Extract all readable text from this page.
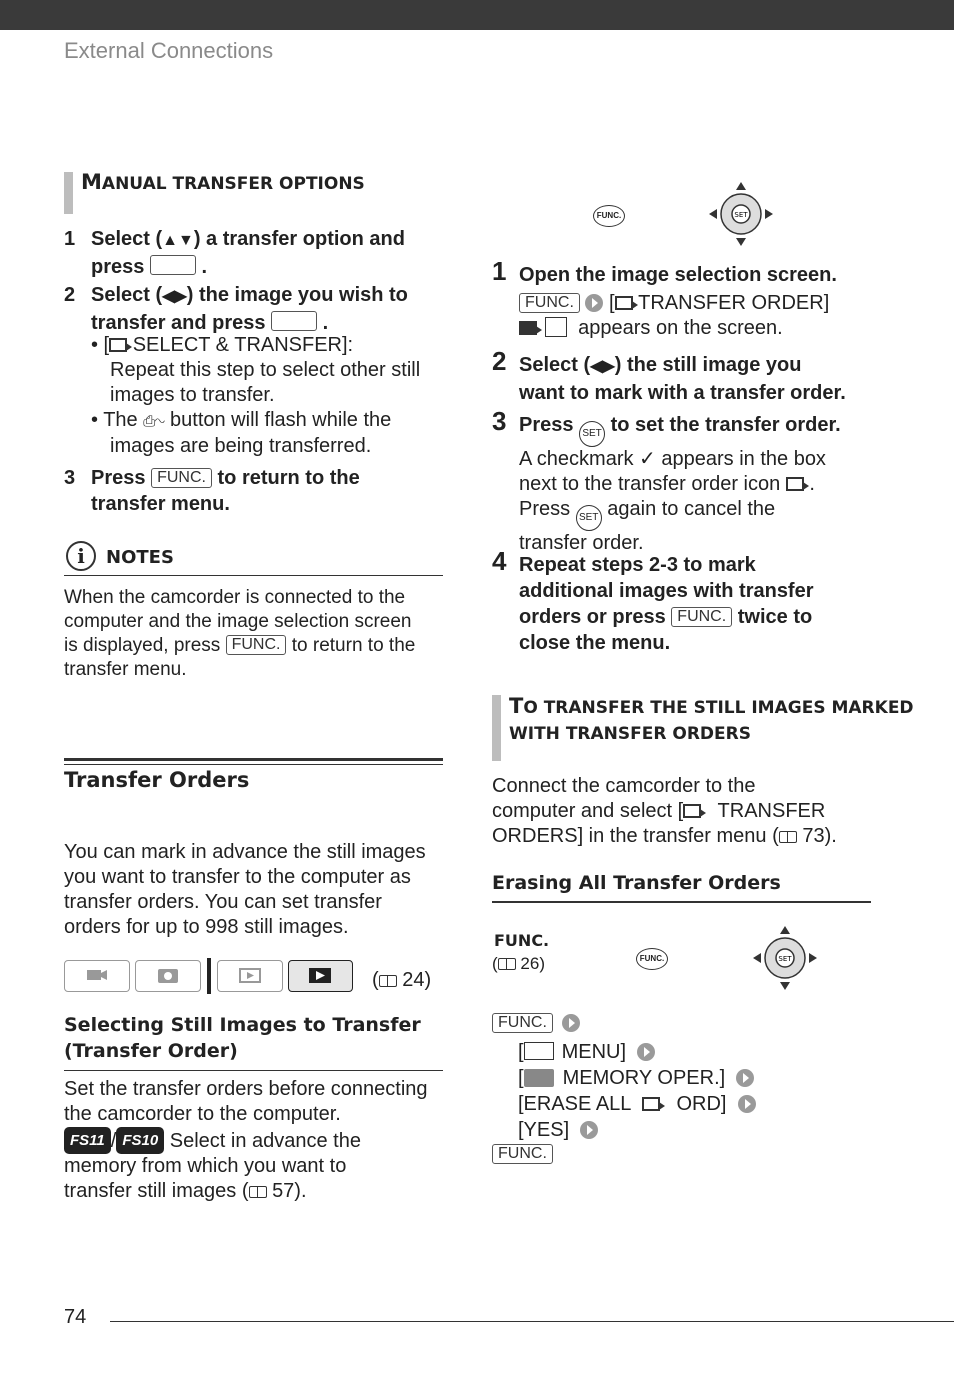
External Connections
MANUAL TRANSFER OPTIONS
1 Select (▲▼) a transfer option and
press	.
2 Select (◀▶) the image you wish to
transfer and press	.
• [ SELECT & TRANSFER]:
Repeat this step to select other still
images to transfer.
• The ⎙∿ button will flash while the
images are being transferred.
3 Press FUNC. to return to the
transfer menu.
i	NOTES
When the camcorder is connected to the
computer and the image selection screen
is displayed, press FUNC. to return to the
transfer menu.
Transfer Orders
You can mark in advance the still images
you want to transfer to the computer as
transfer orders. You can set transfer
orders for up to 998 still images.
( 24)
Selecting Still Images to Transfer
(Transfer Order)
Set the transfer orders before connecting
the camcorder to the computer.
FS11 / FS10 Select in advance the
memory from which you want to
transfer still images ( 57).
FUNC.	SET
1 Open the image selection screen.
FUNC. [ TRANSFER ORDER]
appears on the screen.
2 Select (◀▶) the still image you
want to mark with a transfer order.
3 Press SET to set the transfer order.
A checkmark ✓ appears in the box
next to the transfer order icon .
Press SET again to cancel the
transfer order.
4 Repeat steps 2-3 to mark
additional images with transfer
orders or press FUNC. twice to
close the menu.
TO TRANSFER THE STILL IMAGES MARKED
WITH TRANSFER ORDERS
Connect the camcorder to the
computer and select [ TRANSFER
ORDERS] in the transfer menu ( 73).
Erasing All Transfer Orders
FUNC.
( 26)	FUNC.	SET
FUNC.
[ MENU]
[ MEMORY OPER.]
[ERASE ALL ORD]
[YES]
FUNC.
74
